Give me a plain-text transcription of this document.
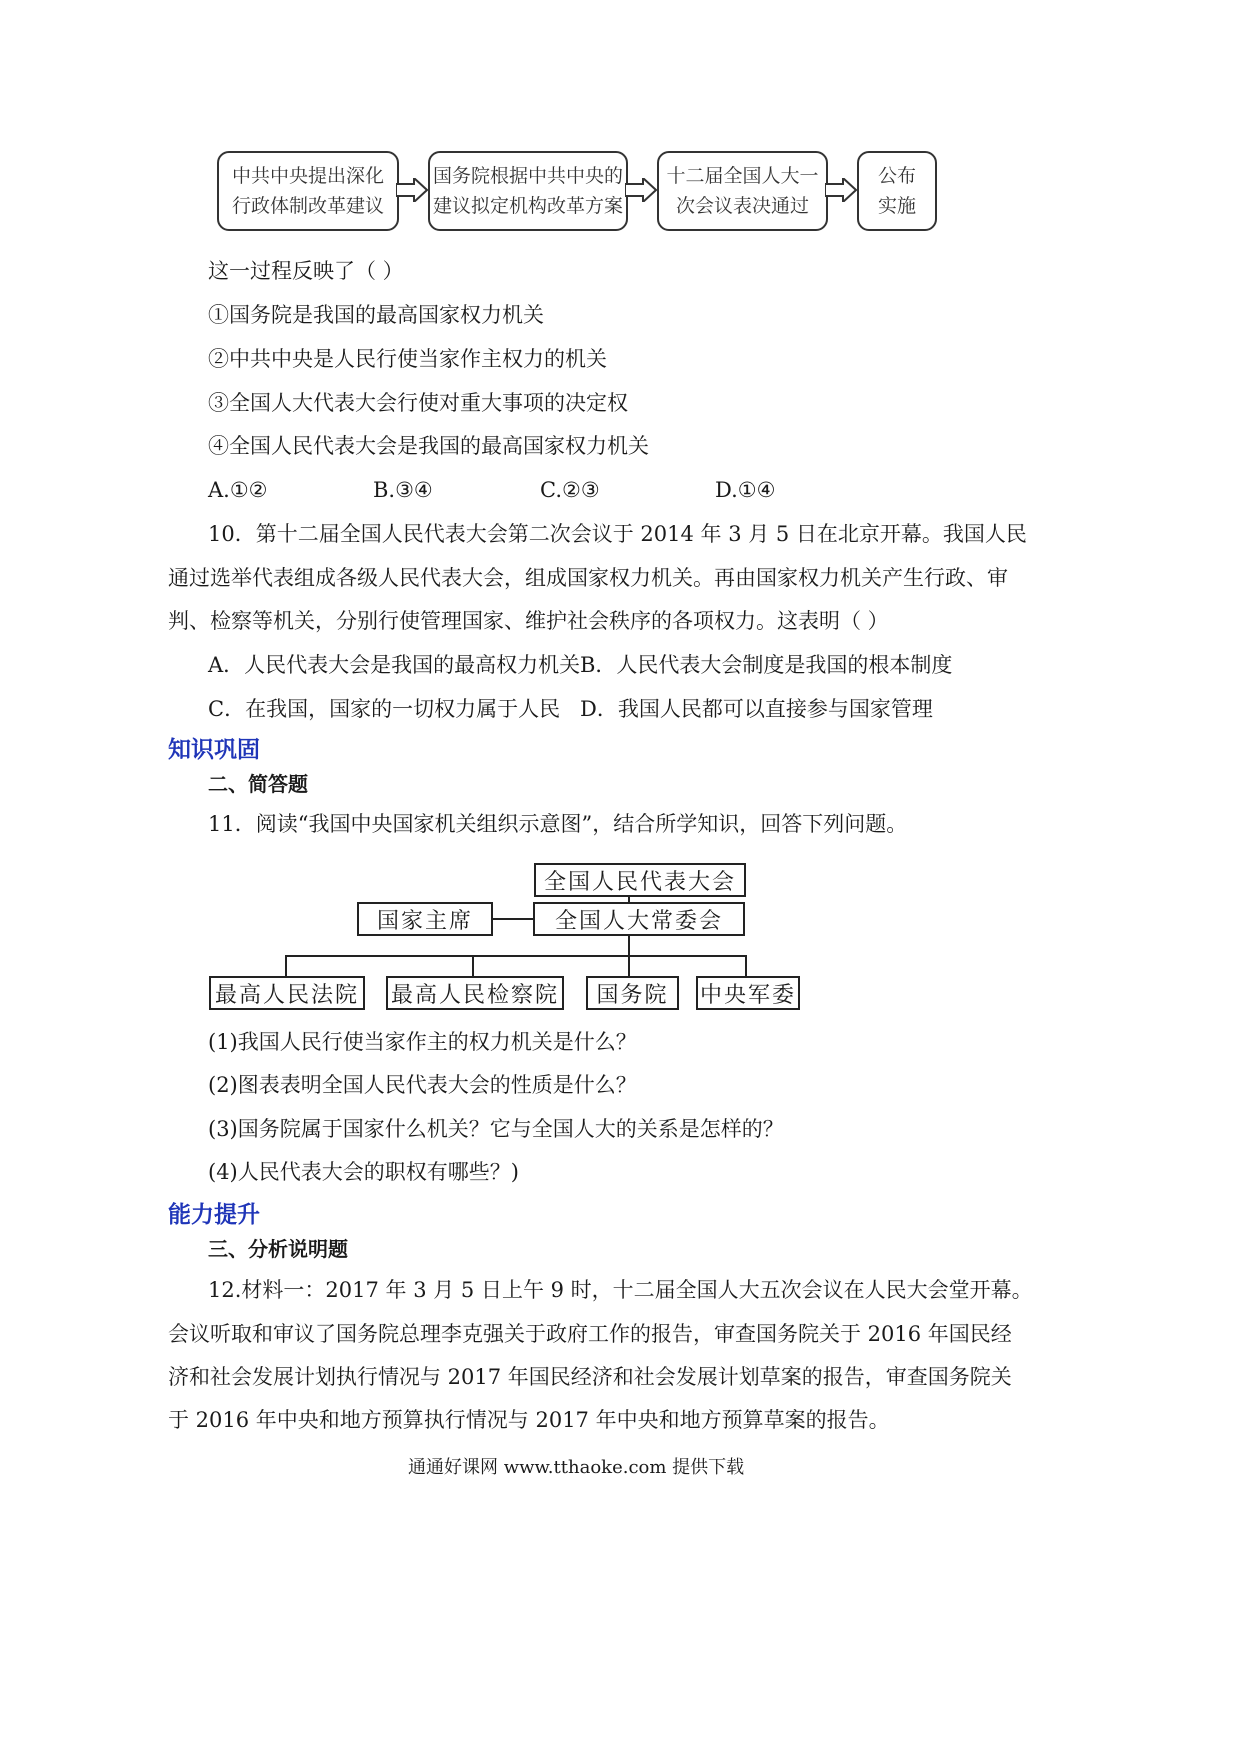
中共中央提出深化
行政体制改革建议
国务院根据中共中央的
建议拟定机构改革方案
十二届全国人大一
次会议表决通过
公布
实施
这一过程反映了（ ）
①国务院是我国的最高国家权力机关
②中共中央是人民行使当家作主权力的机关
③全国人大代表大会行使对重大事项的决定权
④全国人民代表大会是我国的最高国家权力机关
A.①②	B.③④	C.②③	D.①④
10．第十二届全国人民代表大会第二次会议于 2014 年 3 月 5 日在北京开幕。我国人民
通过选举代表组成各级人民代表大会，组成国家权力机关。再由国家权力机关产生行政、审
判、检察等机关，分别行使管理国家、维护社会秩序的各项权力。这表明（ ）
A．人民代表大会是我国的最高权力机关 B．人民代表大会制度是我国的根本制度
C．在我国，国家的一切权力属于人民 D．我国人民都可以直接参与国家管理
知识巩固
二、简答题
11．阅读“我国中央国家机关组织示意图”，结合所学知识，回答下列问题。
全国人民代表大会
国家主席	全国人大常委会
最高人民法院 最高人民检察院	国务院	中央军委
(1)我国人民行使当家作主的权力机关是什么？
(2)图表表明全国人民代表大会的性质是什么？
(3)国务院属于国家什么机关？它与全国人大的关系是怎样的？
(4)人民代表大会的职权有哪些？)
能力提升
三、分析说明题
12.材料一：2017 年 3 月 5 日上午 9 时，十二届全国人大五次会议在人民大会堂开幕。
会议听取和审议了国务院总理李克强关于政府工作的报告，审查国务院关于 2016 年国民经
济和社会发展计划执行情况与 2017 年国民经济和社会发展计划草案的报告，审查国务院关
于 2016 年中央和地方预算执行情况与 2017 年中央和地方预算草案的报告。
通通好课网 www.tthaoke.com 提供下载
